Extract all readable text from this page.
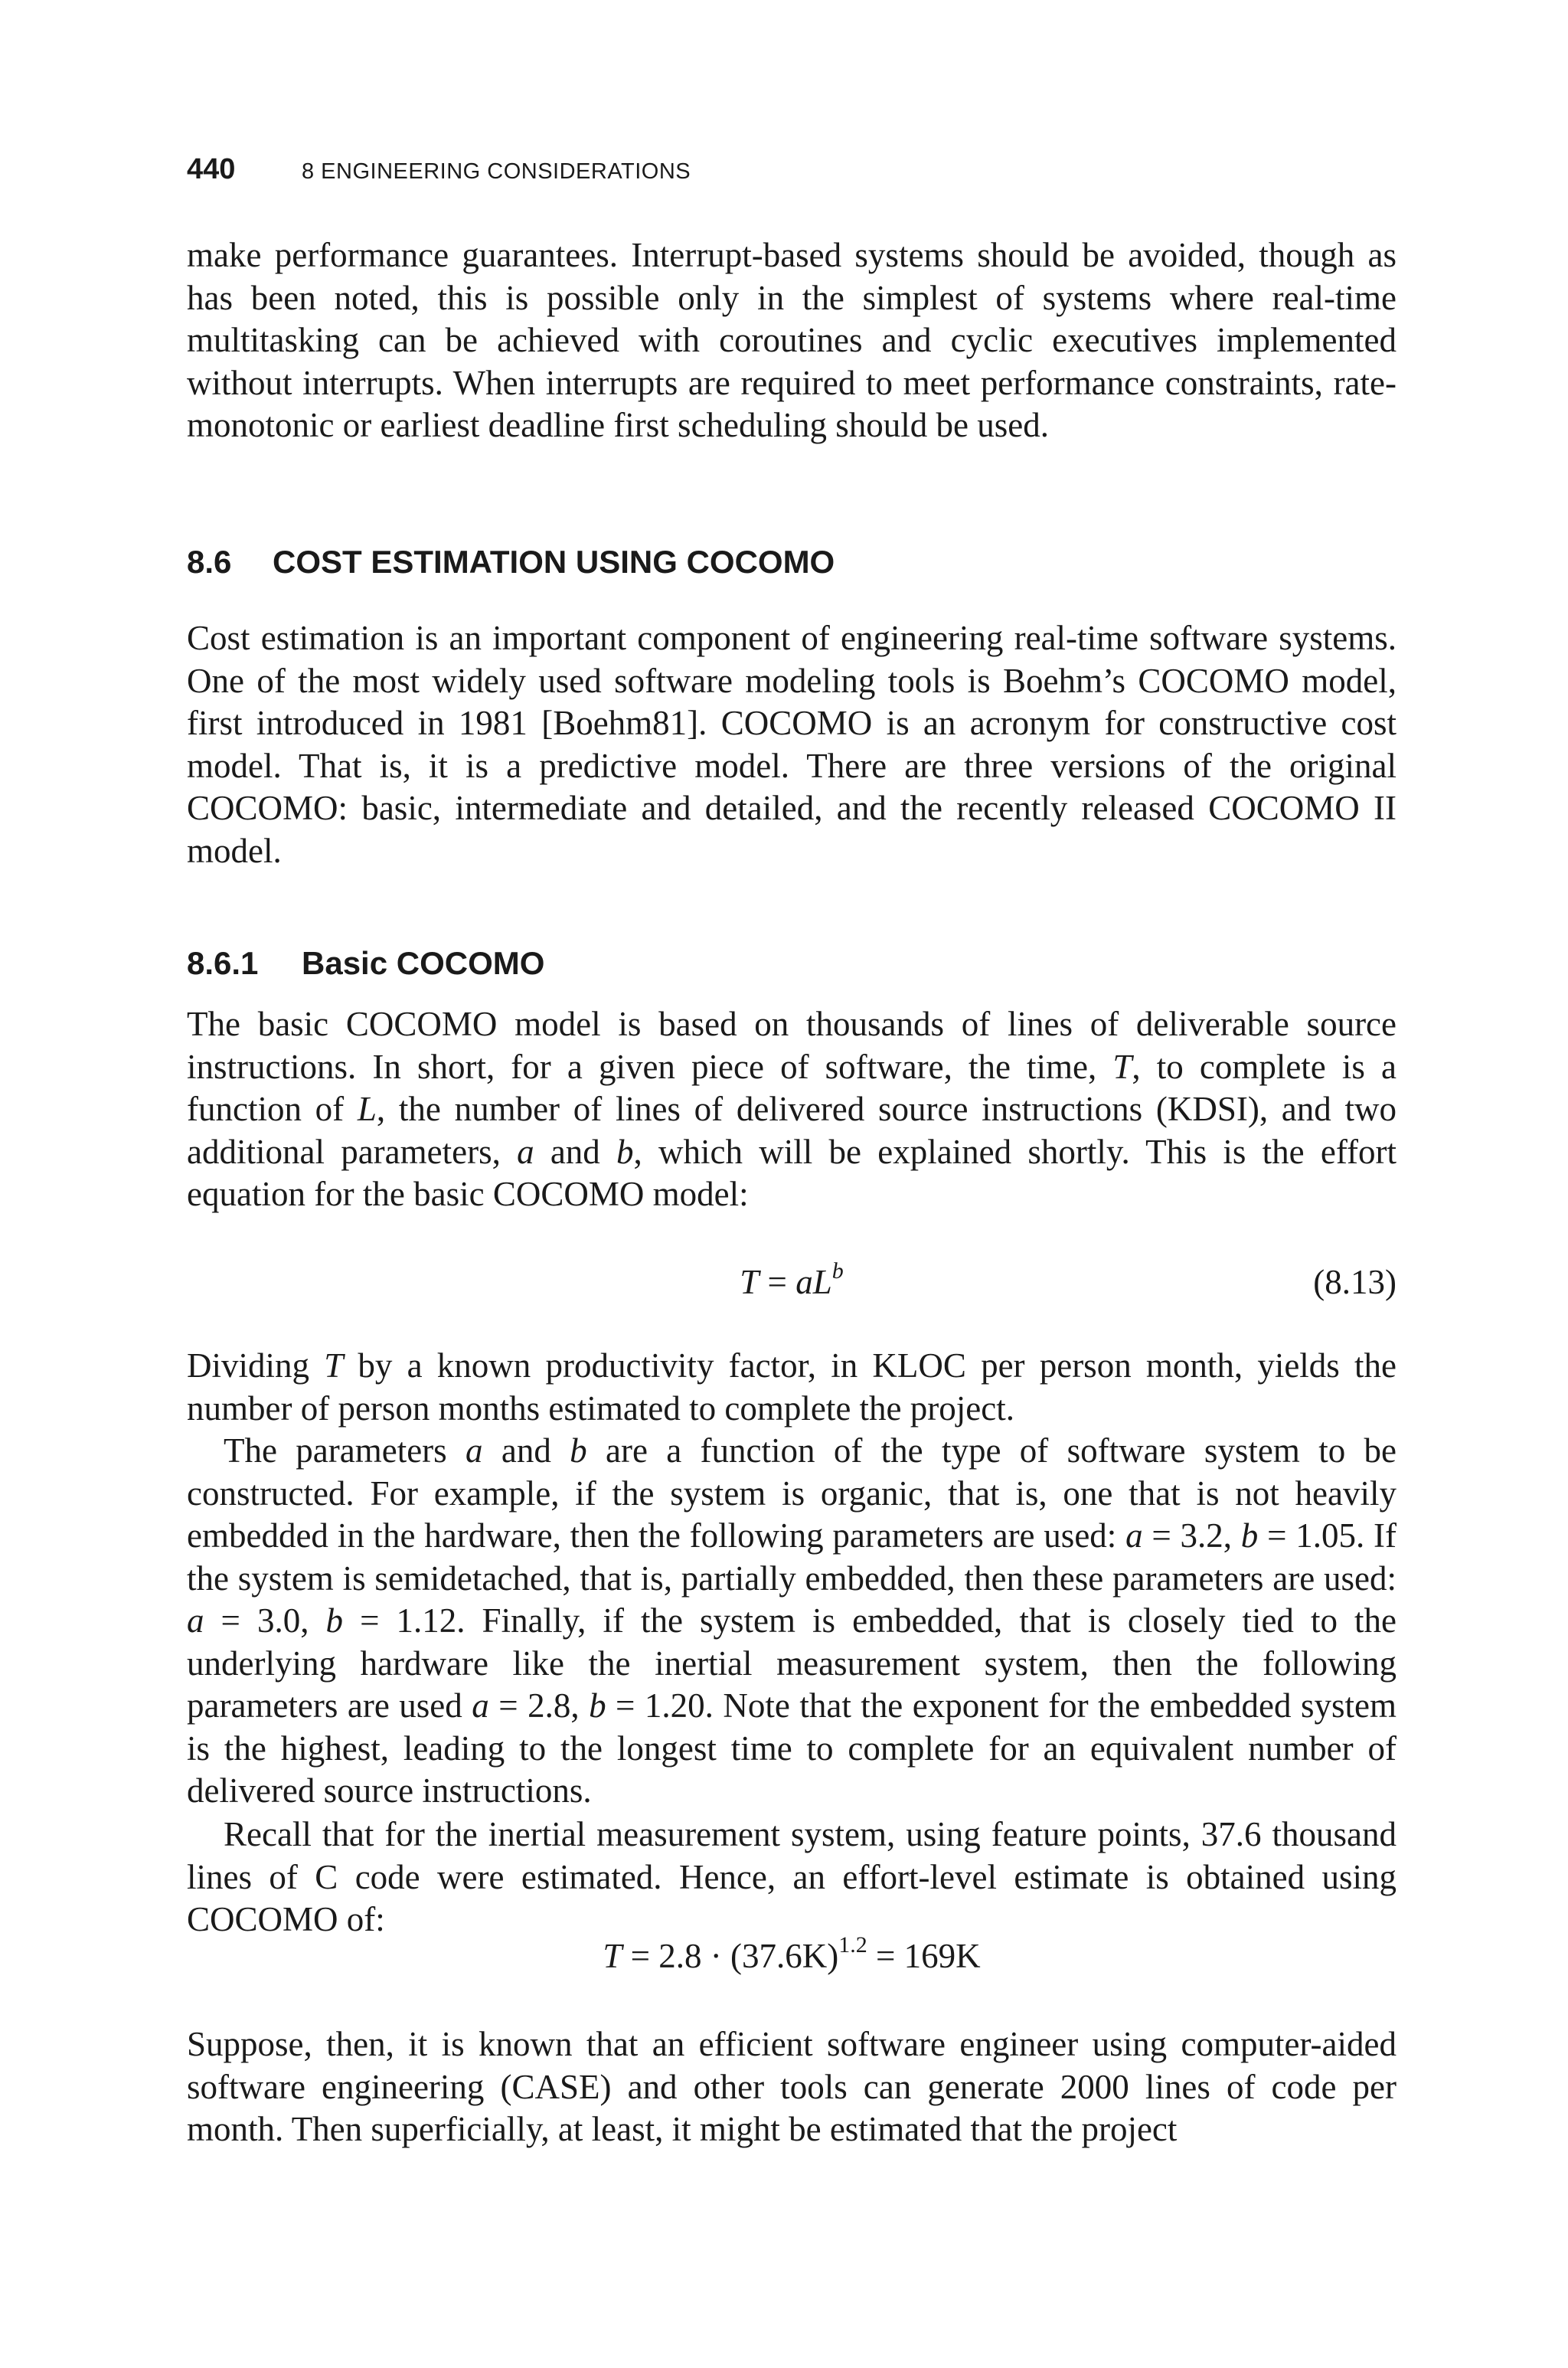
440	8 ENGINEERING CONSIDERATIONS

make performance guarantees. Interrupt-based systems should be avoided, though as has been noted, this is possible only in the simplest of systems where real-time multitasking can be achieved with coroutines and cyclic executives implemented without interrupts. When interrupts are required to meet performance constraints, rate-monotonic or earliest deadline first scheduling should be used.

8.6	COST ESTIMATION USING COCOMO

Cost estimation is an important component of engineering real-time software systems. One of the most widely used software modeling tools is Boehm’s COCOMO model, first introduced in 1981 [Boehm81]. COCOMO is an acronym for constructive cost model. That is, it is a predictive model. There are three versions of the original COCOMO: basic, intermediate and detailed, and the recently released COCOMO II model.

8.6.1	Basic COCOMO

The basic COCOMO model is based on thousands of lines of deliverable source instructions. In short, for a given piece of software, the time, T, to complete is a function of L, the number of lines of delivered source instructions (KDSI), and two additional parameters, a and b, which will be explained shortly. This is the effort equation for the basic COCOMO model:

$T = aL^b$	(8.13)

Dividing T by a known productivity factor, in KLOC per person month, yields the number of person months estimated to complete the project.

The parameters a and b are a function of the type of software system to be constructed. For example, if the system is organic, that is, one that is not heavily embedded in the hardware, then the following parameters are used: a = 3.2, b = 1.05. If the system is semidetached, that is, partially embedded, then these parameters are used: a = 3.0, b = 1.12. Finally, if the system is embedded, that is closely tied to the underlying hardware like the inertial measurement system, then the following parameters are used a = 2.8, b = 1.20. Note that the exponent for the embedded system is the highest, leading to the longest time to complete for an equivalent number of delivered source instructions.

Recall that for the inertial measurement system, using feature points, 37.6 thousand lines of C code were estimated. Hence, an effort-level estimate is obtained using COCOMO of:

$T = 2.8 \cdot (37.6K)^{1.2} = 169K$

Suppose, then, it is known that an efficient software engineer using computer-aided software engineering (CASE) and other tools can generate 2000 lines of code per month. Then superficially, at least, it might be estimated that the project
